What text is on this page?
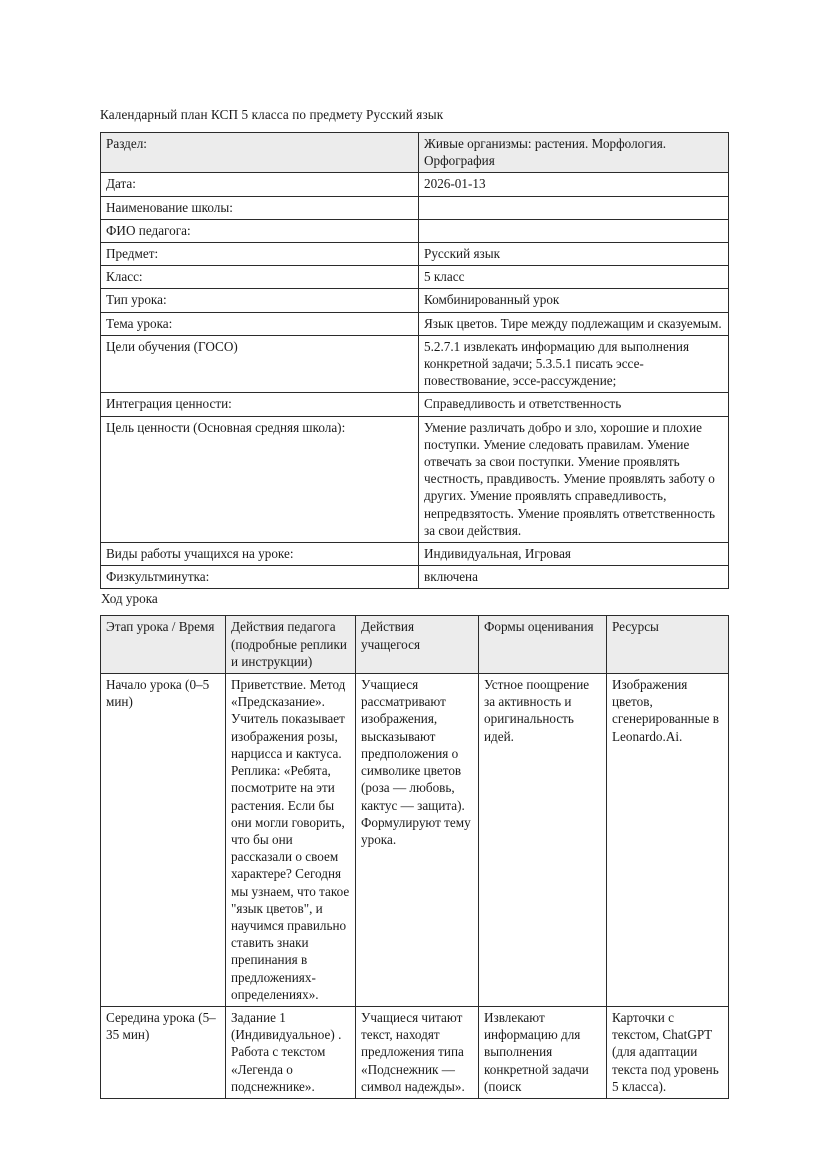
Календарный план КСП 5 класса по предмету Русский язык
Раздел:	Живые организмы: растения. Морфология. Орфография
Дата:	2026-01-13
Наименование школы:	
ФИО педагога:	
Предмет:	Русский язык
Класс:	5 класс
Тип урока:	Комбинированный урок
Тема урока:	Язык цветов. Тире между подлежащим и сказуемым.
Цели обучения (ГОСО)	5.2.7.1 извлекать информацию для выполнения конкретной задачи; 5.3.5.1 писать эссе-повествование, эссе-рассуждение;
Интеграция ценности:	Справедливость и ответственность
Цель ценности (Основная средняя школа):	Умение различать добро и зло, хорошие и плохие поступки. Умение следовать правилам. Умение отвечать за свои поступки. Умение проявлять честность, правдивость. Умение проявлять заботу о других. Умение проявлять справедливость, непредвзятость. Умение проявлять ответственность за свои действия.
Виды работы учащихся на уроке:	Индивидуальная, Игровая
Физкультминутка:	включена
Ход урока
Этап урока / Время	Действия педагога (подробные реплики и инструкции)	Действия учащегося	Формы оценивания	Ресурсы
Начало урока (0–5 мин)	Приветствие. Метод «Предсказание». Учитель показывает изображения розы, нарцисса и кактуса. Реплика: «Ребята, посмотрите на эти растения. Если бы они могли говорить, что бы они рассказали о своем характере? Сегодня мы узнаем, что такое "язык цветов", и научимся правильно ставить знаки препинания в предложениях-определениях».	Учащиеся рассматривают изображения, высказывают предположения о символике цветов (роза — любовь, кактус — защита). Формулируют тему урока.	Устное поощрение за активность и оригинальность идей.	Изображения цветов, сгенерированные в Leonardo.Ai.
Середина урока (5–35 мин)	Задание 1 (Индивидуальное) . Работа с текстом «Легенда о подснежнике».	Учащиеся читают текст, находят предложения типа «Подснежник — символ надежды».	Извлекают информацию для выполнения конкретной задачи (поиск	Карточки с текстом, ChatGPT (для адаптации текста под уровень 5 класса).
